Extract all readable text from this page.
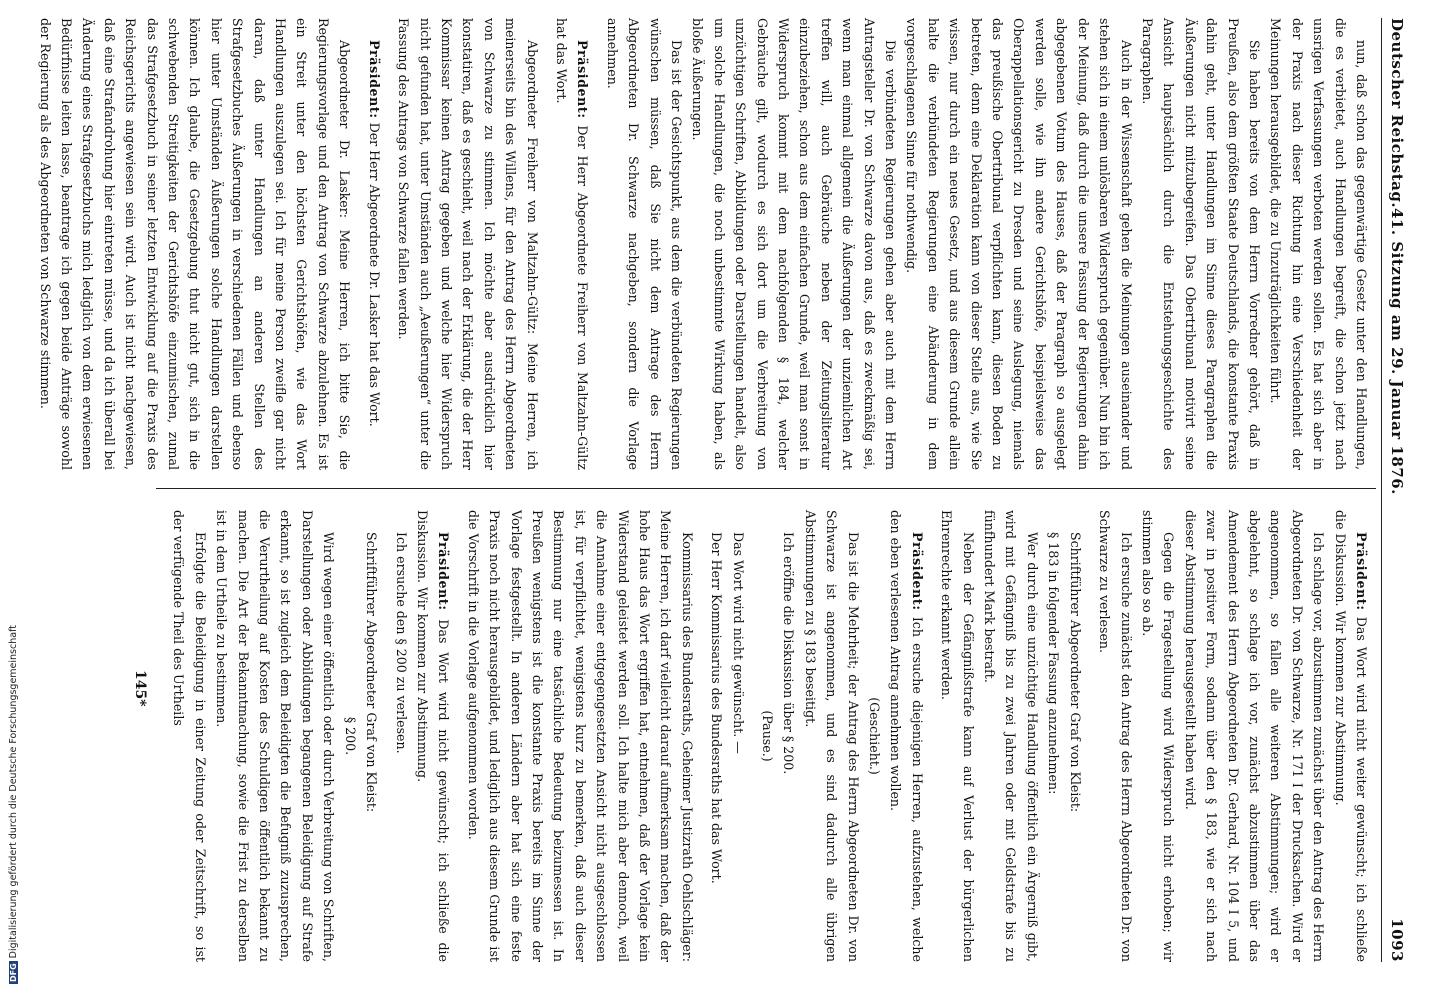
Deutscher Reichstag.
41. Sitzung am 29. Januar 1876.
1093

nun, daß schon das gegenwärtige Gesetz unter den Handlungen, die es verbietet, auch Handlungen begreift, die schon jetzt nach unsrigen Verfassungen verboten werden sollen. Es hat sich aber in der Praxis nach dieser Richtung hin eine Verschiedenheit der Meinungen herausgebildet, die zu Unzuträglichkeiten führt.

Sie haben bereits von dem Herrn Vorredner gehört, daß in Preußen, also dem größten Staate Deutschlands, die konstante Praxis dahin geht, unter Handlungen im Sinne dieses Paragraphen die Äußerungen nicht mitzubegreifen. Das Obertribunal motivirt seine Ansicht hauptsächlich durch die Entstehungsgeschichte des Paragraphen.

Auch in der Wissenschaft gehen die Meinungen auseinander und stehen sich in einem unlösbaren Widerspruch gegenüber. Nun bin ich der Meinung, daß durch die unsere Fassung der Regierungen dahin abgegebenen Votum des Hauses, daß der Paragraph so ausgelegt werden solle, wie ihn andere Gerichtshöfe, beispielsweise das Oberappellationsgericht zu Dresden und seine Auslegung, niemals das preußische Obertribunal verpflichten kann, diesen Boden zu betreten, denn eine Deklaration kann von dieser Stelle aus, wie Sie wissen, nur durch ein neues Gesetz, und aus diesem Grunde allein halte die verbündeten Regierungen eine Abänderung in dem vorgeschlagenen Sinne für nothwendig.

Die verbündeten Regierungen gehen aber auch mit dem Herrn Antragsteller Dr. von Schwarze davon aus, daß es zweckmäßig sei, wenn man einmal allgemein die Äußerungen der unziemlichen Art treffen will, auch Gebräuche neben der Zeitungsliteratur einzubeziehen, schon aus dem einfachen Grunde, weil man sonst in Widerspruch kommt mit dem nachfolgenden § 184, welcher Gebräuche gilt, wodurch es sich dort um die Verbreitung von unzüchtigen Schriften, Abbildungen oder Darstellungen handelt, also um solche Handlungen, die noch unbestimmte Wirkung haben, als bloße Äußerungen.

Das ist der Gesichtspunkt, aus dem die verbündeten Regierungen wünschen müssen, daß Sie nicht dem Antrage des Herrn Abgeordneten Dr. Schwarze nachgeben, sondern die Vorlage annehmen.

Präsident: Der Herr Abgeordnete Freiherr von Maltzahn-Gültz hat das Wort.

Abgeordneter Freiherr von Maltzahn-Gültz: Meine Herren, ich meinerseits bin des Willens, für den Antrag des Herrn Abgeordneten von Schwarze zu stimmen. Ich möchte aber ausdrücklich hier konstatiren, daß es geschieht, weil nach der Erklärung, die der Herr Kommissar keinen Antrag gegeben und welche hier Widerspruch nicht gefunden hat, unter Umständen auch „Aeußerungen“ unter die Fassung des Antrags von Schwarze fallen werden.

Präsident: Der Herr Abgeordnete Dr. Lasker hat das Wort.

Abgeordneter Dr. Lasker: Meine Herren, ich bitte Sie, die Regierungsvorlage und den Antrag von Schwarze abzulehnen. Es ist ein Streit unter den höchsten Gerichtshöfen, wie das Wort Handlungen auszulegen sei. Ich für meine Person zweifle gar nicht daran, daß unter Handlungen an anderen Stellen des Strafgesetzbuches Äußerungen in verschiedenen Fällen und ebenso hier unter Umständen Äußerungen solche Handlungen darstellen können. Ich glaube, die Gesetzgebung thut nicht gut, sich in die schwebenden Streitigkeiten der Gerichtshöfe einzumischen, zumal das Strafgesetzbuch in seiner letzten Entwicklung auf die Praxis des Reichsgerichts angewiesen sein wird. Auch ist nicht nachgewiesen, daß eine Strafandrohung hier eintreten müsse, und da ich überall bei Änderung eines Strafgesetzbuchs mich lediglich von dem erwiesenen Bedürfnisse leiten lasse, beantrage ich gegen beide Anträge sowohl der Regierung als des Abgeordneten von Schwarze stimmen.

Präsident: Das Wort wird nicht weiter gewünscht; ich schließe die Diskussion. Wir kommen zur Abstimmung.

Ich schlage vor, abzustimmen zunächst über den Antrag des Herrn Abgeordneten Dr. von Schwarze, Nr. 171 I der Drucksachen. Wird er angenommen, so fallen alle weiteren Abstimmungen; wird er abgelehnt, so schlage ich vor, zunächst abzustimmen über das Amendement des Herrn Abgeordneten Dr. Gerhard, Nr. 104 I 5, und zwar in positiver Form, sodann über den § 183, wie er sich nach dieser Abstimmung herausgestellt haben wird.

Gegen die Fragestellung wird Widerspruch nicht erhoben; wir stimmen also so ab.

Ich ersuche zunächst den Antrag des Herrn Abgeordneten Dr. von Schwarze zu verlesen.

Schriftführer Abgeordneter Graf von Kleist:

§ 183 in folgender Fassung anzunehmen:

Wer durch eine unzüchtige Handlung öffentlich ein Ärgerniß gibt, wird mit Gefängniß bis zu zwei Jahren oder mit Geldstrafe bis zu fünfhundert Mark bestraft.

Neben der Gefängnißstrafe kann auf Verlust der bürgerlichen Ehrenrechte erkannt werden.

Präsident: Ich ersuche diejenigen Herren, aufzustehen, welche den eben verlesenen Antrag annehmen wollen.

(Geschieht.)

Das ist die Mehrheit; der Antrag des Herrn Abgeordneten Dr. von Schwarze ist angenommen, und es sind dadurch alle übrigen Abstimmungen zu § 183 beseitigt.

Ich eröffne die Diskussion über § 200.

(Pause.)

Das Wort wird nicht gewünscht. —

Der Herr Kommissarius des Bundesraths hat das Wort.

Kommissarius des Bundesraths, Geheimer Justizrath Oehlschläger: Meine Herren, ich darf vielleicht darauf aufmerksam machen, daß der hohe Haus das Wort ergriffen hat, entnehmen, daß der Vorlage kein Widerstand geleistet werden soll. Ich halte mich aber dennoch, weil die Annahme einer entgegengesetzten Ansicht nicht ausgeschlossen ist, für verpflichtet, wenigstens kurz zu bemerken, daß auch dieser Bestimmung nur eine tatsächliche Bedeutung beizumessen ist. In Preußen wenigstens ist die konstante Praxis bereits im Sinne der Vorlage festgestellt. In anderen Ländern aber hat sich eine feste Praxis noch nicht herausgebildet, und lediglich aus diesem Grunde ist die Vorschrift in die Vorlage aufgenommen worden.

Präsident: Das Wort wird nicht gewünscht; ich schließe die Diskussion. Wir kommen zur Abstimmung.

Ich ersuche den § 200 zu verlesen.

Schriftführer Abgeordneter Graf von Kleist:

§ 200.

Wird wegen einer öffentlich oder durch Verbreitung von Schriften, Darstellungen oder Abbildungen begangenen Beleidigung auf Strafe erkannt, so ist zugleich dem Beleidigten die Befugniß zuzusprechen, die Verurtheilung auf Kosten des Schuldigen öffentlich bekannt zu machen. Die Art der Bekanntmachung, sowie die Frist zu derselben ist in dem Urtheile zu bestimmen.

Erfolgte die Beleidigung in einer Zeitung oder Zeitschrift, so ist der verfügende Theil des Urtheils

145*
DFGDigitalisierung gefördert durch die Deutsche Forschungsgemeinschaft
